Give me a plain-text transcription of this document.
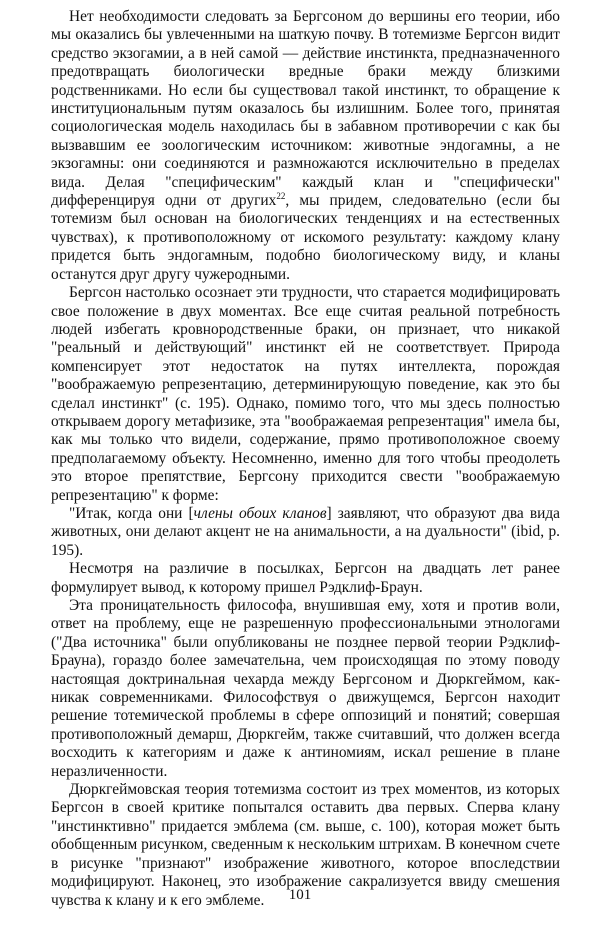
Нет необходимости следовать за Бергсоном до вершины его теории, ибо мы оказались бы увлеченными на шаткую почву. В тотемизме Бергсон видит средство экзогамии, а в ней самой — действие инстинкта, предназначенного предотвращать биологически вредные браки между близкими родственниками. Но если бы существовал такой инстинкт, то обращение к институциональным путям оказалось бы излишним. Более того, принятая социологическая модель находилась бы в забавном противоречии с как бы вызвавшим ее зоологическим источником: животные эндогамны, а не экзогамны: они соединяются и размножаются исключительно в пределах вида. Делая "специфическим" каждый клан и "специфически" дифференцируя одни от других$^{22}$, мы придем, следовательно (если бы тотемизм был основан на биологических тенденциях и на естественных чувствах), к противоположному от искомого результату: каждому клану придется быть эндогамным, подобно биологическому виду, и кланы останутся друг другу чужеродными.

Бергсон настолько осознает эти трудности, что старается модифицировать свое положение в двух моментах. Все еще считая реальной потребность людей избегать кровнородственные браки, он признает, что никакой "реальный и действующий" инстинкт ей не соответствует. Природа компенсирует этот недостаток на путях интеллекта, порождая "воображаемую репрезентацию, детерминирующую поведение, как это бы сделал инстинкт" (с. 195). Однако, помимо того, что мы здесь полностью открываем дорогу метафизике, эта "воображаемая репрезентация" имела бы, как мы только что видели, содержание, прямо противоположное своему предполагаемому объекту. Несомненно, именно для того чтобы преодолеть это второе препятствие, Бергсону приходится свести "воображаемую репрезентацию" к форме:

"Итак, когда они [члены обоих кланов] заявляют, что образуют два вида животных, они делают акцент не на анимальности, а на дуальности" (ibid, p. 195).

Несмотря на различие в посылках, Бергсон на двадцать лет ранее формулирует вывод, к которому пришел Рэдклиф-Браун.

Эта проницательность философа, внушившая ему, хотя и против воли, ответ на проблему, еще не разрешенную профессиональными этнологами ("Два источника" были опубликованы не позднее первой теории Рэдклиф-Брауна), гораздо более замечательна, чем происходящая по этому поводу настоящая доктринальная чехарда между Бергсоном и Дюркгеймом, как-никак современниками. Философствуя о движущемся, Бергсон находит решение тотемической проблемы в сфере оппозиций и понятий; совершая противоположный демарш, Дюркгейм, также считавший, что должен всегда восходить к категориям и даже к антиномиям, искал решение в плане неразличенности.

Дюркгеймовская теория тотемизма состоит из трех моментов, из которых Бергсон в своей критике попытался оставить два первых. Сперва клану "инстинктивно" придается эмблема (см. выше, с. 100), которая может быть обобщенным рисунком, сведенным к нескольким штрихам. В конечном счете в рисунке "признают" изображение животного, которое впоследствии модифицируют. Наконец, это изображение сакрализуется ввиду смешения чувства к клану и к его эмблеме.	101
